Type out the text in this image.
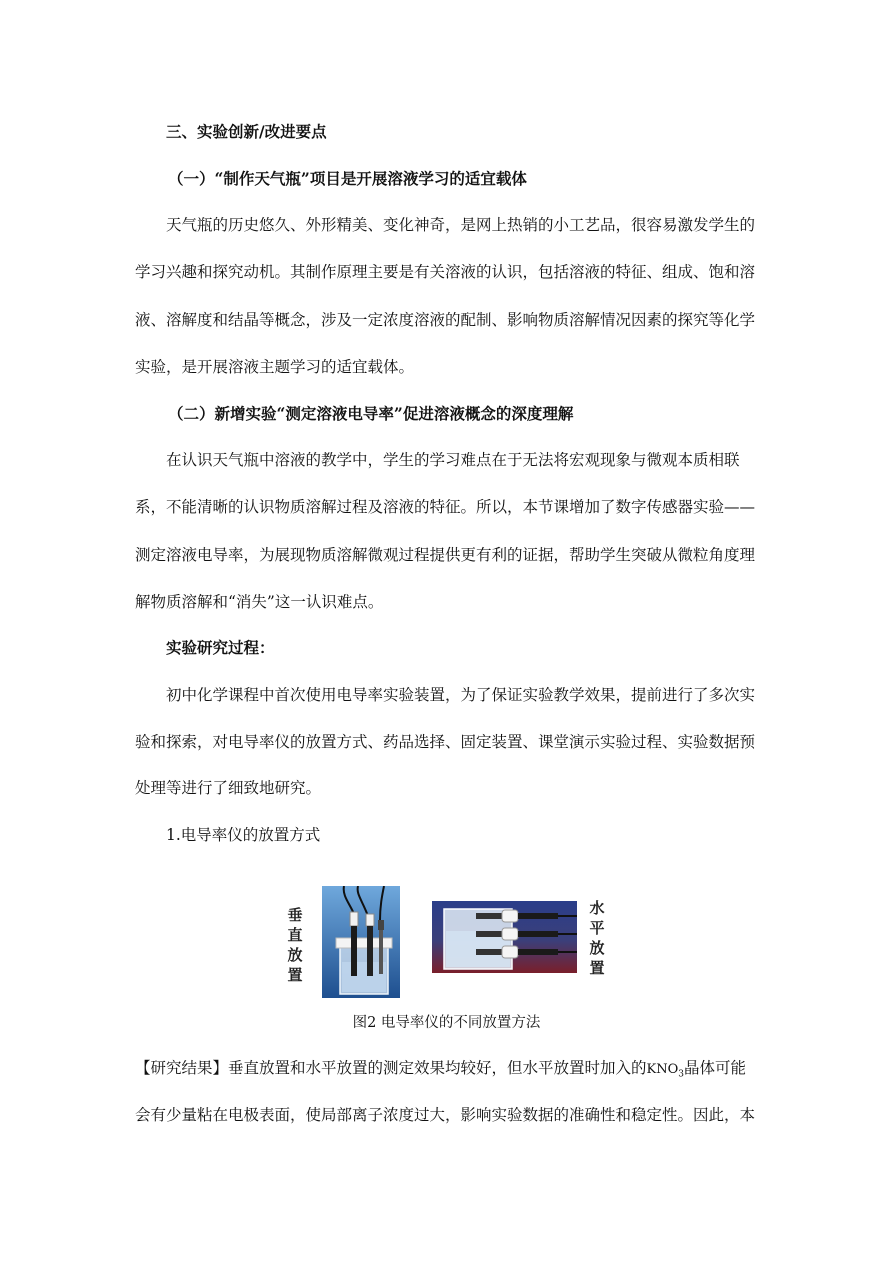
三、实验创新/改进要点
（一）“制作天气瓶”项目是开展溶液学习的适宜载体
天气瓶的历史悠久、外形精美、变化神奇，是网上热销的小工艺品，很容易激发学生的
学习兴趣和探究动机。其制作原理主要是有关溶液的认识，包括溶液的特征、组成、饱和溶
液、溶解度和结晶等概念，涉及一定浓度溶液的配制、影响物质溶解情况因素的探究等化学
实验，是开展溶液主题学习的适宜载体。
（二）新增实验“测定溶液电导率”促进溶液概念的深度理解
在认识天气瓶中溶液的教学中，学生的学习难点在于无法将宏观现象与微观本质相联
系，不能清晰的认识物质溶解过程及溶液的特征。所以，本节课增加了数字传感器实验——
测定溶液电导率，为展现物质溶解微观过程提供更有利的证据，帮助学生突破从微粒角度理
解物质溶解和“消失”这一认识难点。
实验研究过程：
初中化学课程中首次使用电导率实验装置，为了保证实验教学效果，提前进行了多次实
验和探索，对电导率仪的放置方式、药品选择、固定装置、课堂演示实验过程、实验数据预
处理等进行了细致地研究。
1.电导率仪的放置方式
垂
直
放
置
水
平
放
置
图2 电导率仪的不同放置方法
【研究结果】垂直放置和水平放置的测定效果均较好，但水平放置时加入的$KNO_3$晶体可能
会有少量粘在电极表面，使局部离子浓度过大，影响实验数据的准确性和稳定性。因此，本
